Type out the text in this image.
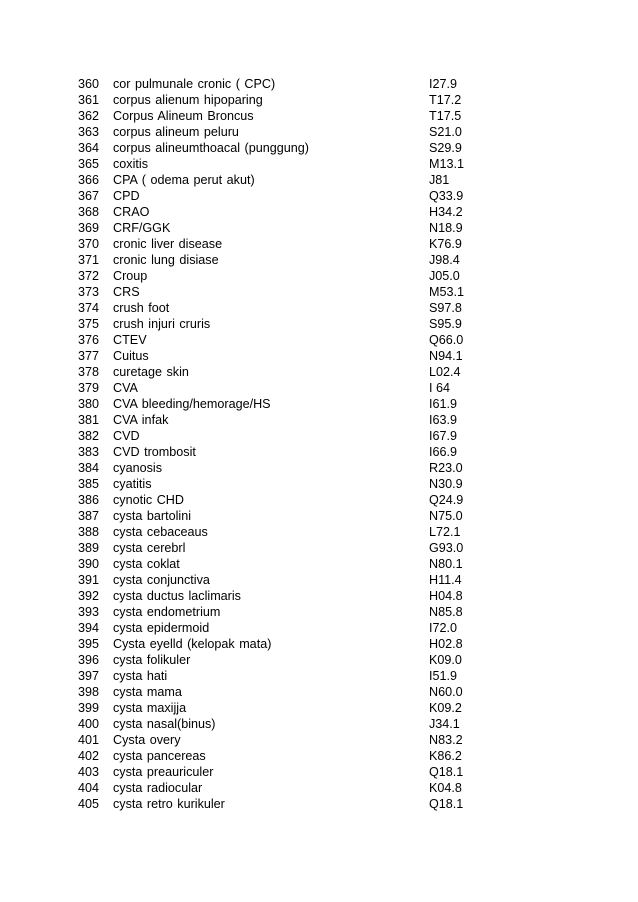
360	cor pulmunale cronic ( CPC)	I27.9
361	corpus alienum hipoparing	T17.2
362	Corpus Alineum Broncus	T17.5
363	corpus alineum peluru	S21.0
364	corpus alineumthoacal (punggung)	S29.9
365	coxitis	M13.1
366	CPA ( odema perut akut)	J81
367	CPD	Q33.9
368	CRAO	H34.2
369	CRF/GGK	N18.9
370	cronic liver disease	K76.9
371	cronic lung disiase	J98.4
372	Croup	J05.0
373	CRS	M53.1
374	crush foot	S97.8
375	crush injuri cruris	S95.9
376	CTEV	Q66.0
377	Cuitus	N94.1
378	curetage skin	L02.4
379	CVA	I 64
380	CVA bleeding/hemorage/HS	I61.9
381	CVA infak	I63.9
382	CVD	I67.9
383	CVD trombosit	I66.9
384	cyanosis	R23.0
385	cyatitis	N30.9
386	cynotic CHD	Q24.9
387	cysta bartolini	N75.0
388	cysta cebaceaus	L72.1
389	cysta cerebrl	G93.0
390	cysta coklat	N80.1
391	cysta conjunctiva	H11.4
392	cysta ductus laclimaris	H04.8
393	cysta endometrium	N85.8
394	cysta epidermoid	I72.0
395	Cysta eyelld (kelopak mata)	H02.8
396	cysta folikuler	K09.0
397	cysta hati	I51.9
398	cysta mama	N60.0
399	cysta maxijja	K09.2
400	cysta nasal(binus)	J34.1
401	Cysta overy	N83.2
402	cysta pancereas	K86.2
403	cysta preauriculer	Q18.1
404	cysta radiocular	K04.8
405	cysta retro kurikuler	Q18.1
